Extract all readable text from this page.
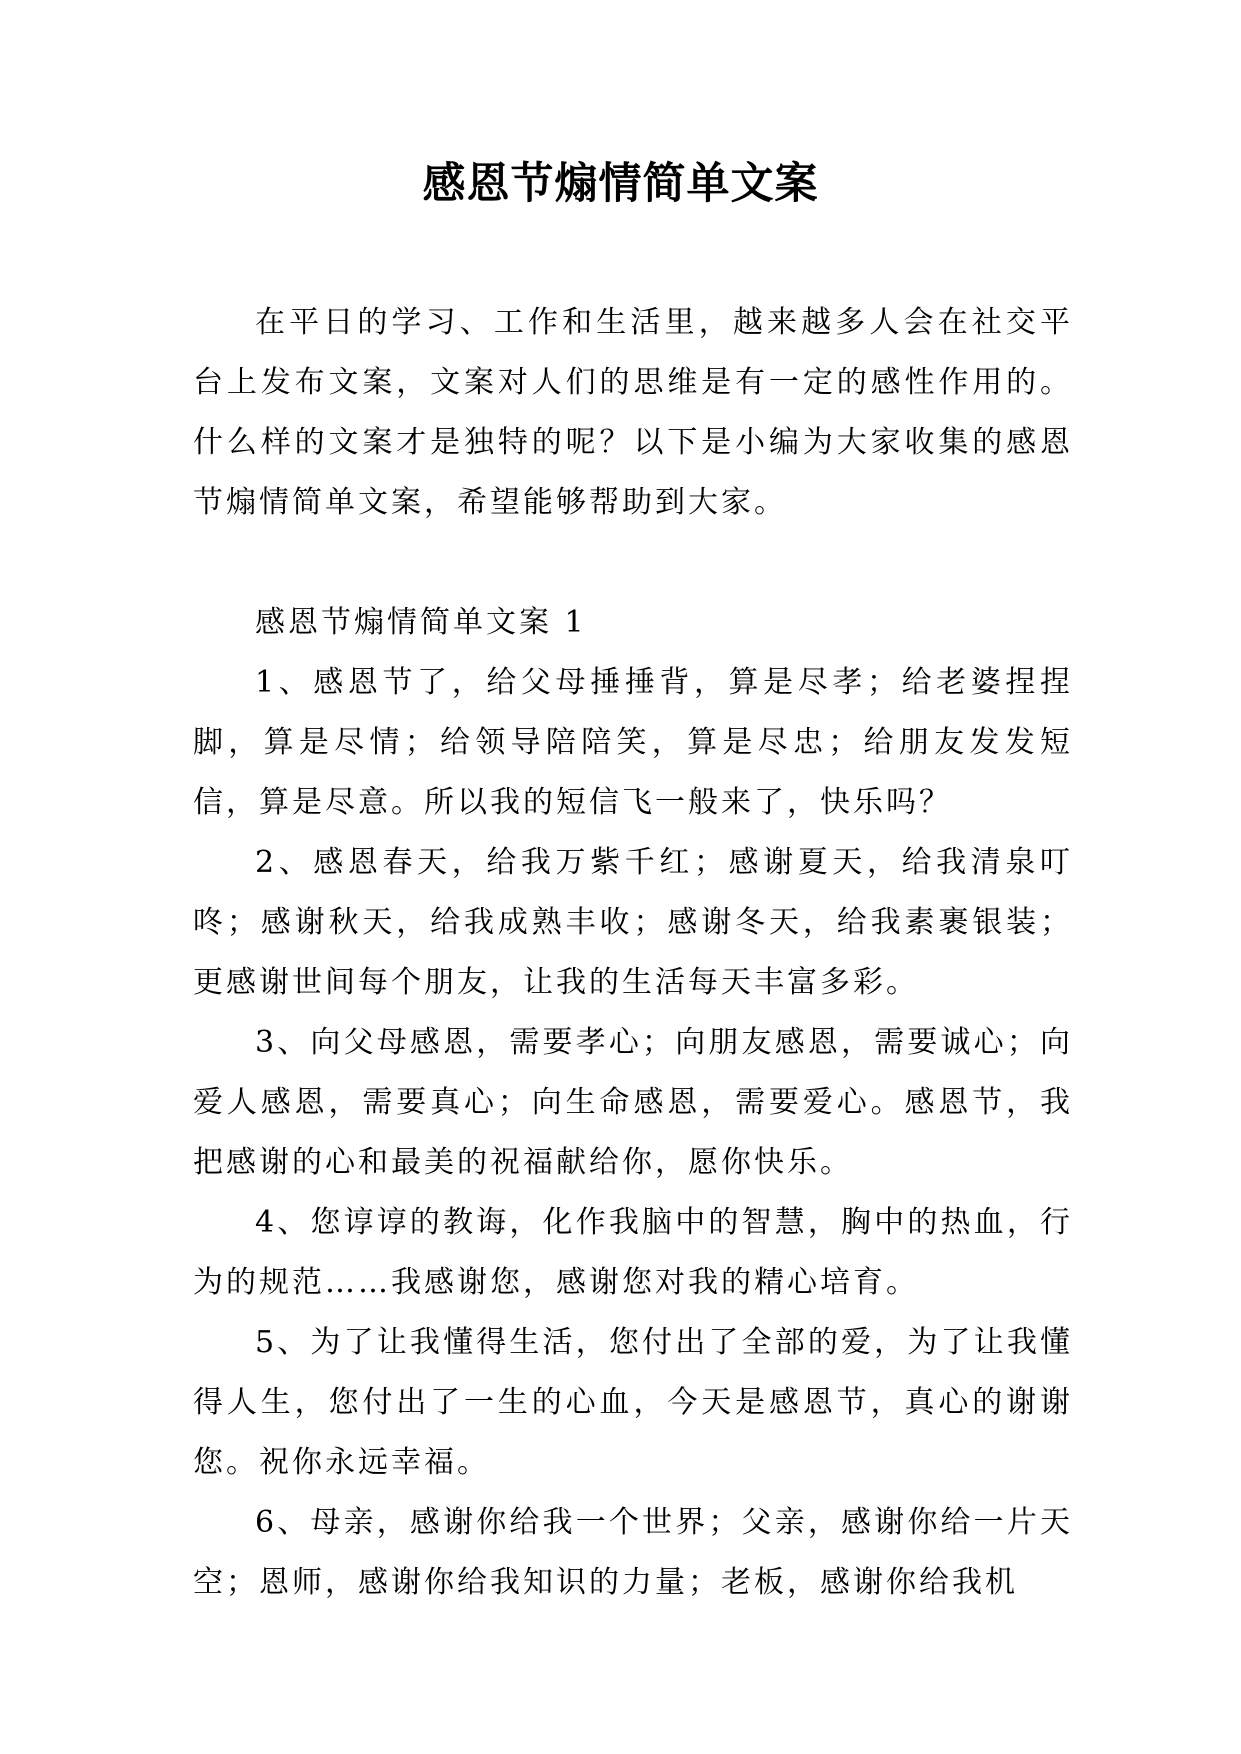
感恩节煽情简单文案

在平日的学习、工作和生活里，越来越多人会在社交平台上发布文案，文案对人们的思维是有一定的感性作用的。什么样的文案才是独特的呢？以下是小编为大家收集的感恩节煽情简单文案，希望能够帮助到大家。

感恩节煽情简单文案 1

1、感恩节了，给父母捶捶背，算是尽孝；给老婆捏捏脚，算是尽情；给领导陪陪笑，算是尽忠；给朋友发发短信，算是尽意。所以我的短信飞一般来了，快乐吗？

2、感恩春天，给我万紫千红；感谢夏天，给我清泉叮咚；感谢秋天，给我成熟丰收；感谢冬天，给我素裹银装；更感谢世间每个朋友，让我的生活每天丰富多彩。

3、向父母感恩，需要孝心；向朋友感恩，需要诚心；向爱人感恩，需要真心；向生命感恩，需要爱心。感恩节，我把感谢的心和最美的祝福献给你，愿你快乐。

4、您谆谆的教诲，化作我脑中的智慧，胸中的热血，行为的规范……我感谢您，感谢您对我的精心培育。

5、为了让我懂得生活，您付出了全部的爱，为了让我懂得人生，您付出了一生的心血，今天是感恩节，真心的谢谢您。祝你永远幸福。

6、母亲，感谢你给我一个世界；父亲，感谢你给一片天空；恩师，感谢你给我知识的力量；老板，感谢你给我机
